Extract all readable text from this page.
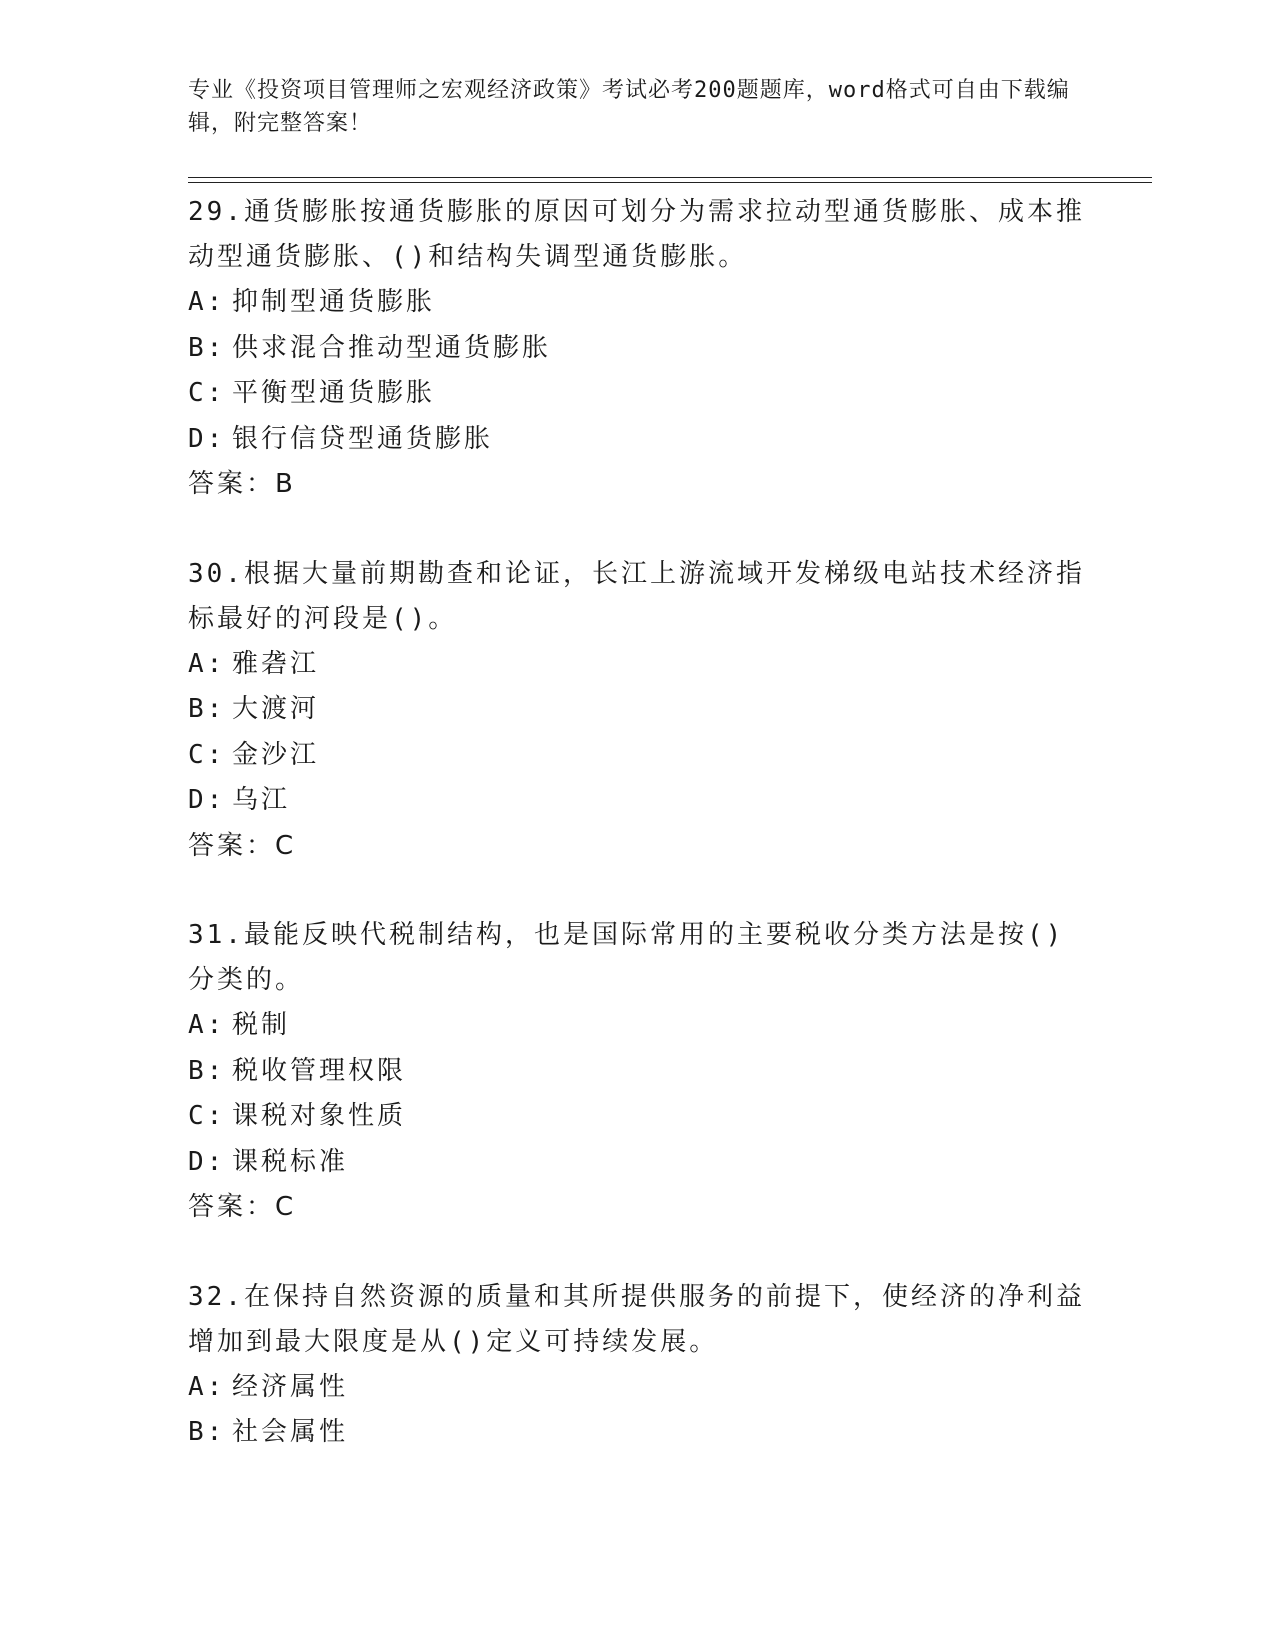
专业《投资项目管理师之宏观经济政策》考试必考200题题库，word格式可自由下载编辑，附完整答案！

29.通货膨胀按通货膨胀的原因可划分为需求拉动型通货膨胀、成本推动型通货膨胀、()和结构失调型通货膨胀。

A: 抑制型通货膨胀
B: 供求混合推动型通货膨胀
C: 平衡型通货膨胀
D: 银行信贷型通货膨胀
答案：B

30.根据大量前期勘查和论证，长江上游流域开发梯级电站技术经济指标最好的河段是()。

A: 雅砻江
B: 大渡河
C: 金沙江
D: 乌江
答案：C

31.最能反映代税制结构，也是国际常用的主要税收分类方法是按()分类的。

A: 税制
B: 税收管理权限
C: 课税对象性质
D: 课税标准
答案：C

32.在保持自然资源的质量和其所提供服务的前提下，使经济的净利益增加到最大限度是从()定义可持续发展。

A: 经济属性
B: 社会属性
